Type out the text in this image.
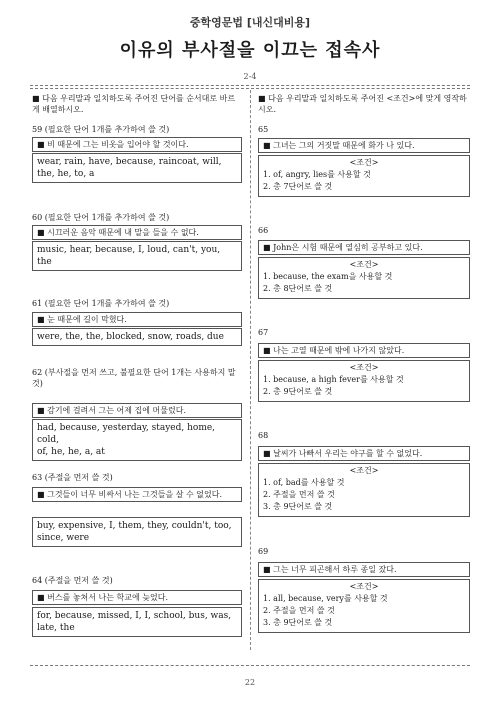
중학영문법 [내신대비용]
이유의 부사절을 이끄는 접속사
2-4
■ 다음 우리말과 일치하도록 주어진 단어를 순서대로 바르게 배열하시오.
59 (필요한 단어 1개를 추가하여 쓸 것)
■ 비 때문에 그는 비옷을 입어야 할 것이다.
wear, rain, have, because, raincoat, will,
the, he, to, a
60 (필요한 단어 1개를 추가하여 쓸 것)
■ 시끄러운 음악 때문에 내 말을 들을 수 없다.
music, hear, because, I, loud, can't, you,
the
61 (필요한 단어 1개를 추가하여 쓸 것)
■ 눈 때문에 길이 막혔다.
were, the, the, blocked, snow, roads, due
62 (부사절을 먼저 쓰고, 불필요한 단어 1개는 사용하지 말 것)
■ 감기에 걸려서 그는 어제 집에 머물렀다.
had, because, yesterday, stayed, home, cold,
of, he, he, a, at
63 (주절을 먼저 쓸 것)
■ 그것들이 너무 비싸서 나는 그것들을 살 수 없었다.
buy, expensive, I, them, they, couldn't, too,
since, were
64 (주절을 먼저 쓸 것)
■ 버스를 놓쳐서 나는 학교에 늦었다.
for, because, missed, I, I, school, bus, was,
late, the
■ 다음 우리말과 일치하도록 주어진 <조건>에 맞게 영작하시오.
65
■ 그녀는 그의 거짓말 때문에 화가 나 있다.
<조건>
1. of, angry, lies를 사용할 것
2. 총 7단어로 쓸 것
66
■ John은 시험 때문에 열심히 공부하고 있다.
<조건>
1. because, the exam을 사용할 것
2. 총 8단어로 쓸 것
67
■ 나는 고열 때문에 밖에 나가지 않았다.
<조건>
1. because, a high fever를 사용할 것
2. 총 9단어로 쓸 것
68
■ 날씨가 나빠서 우리는 야구를 할 수 없었다.
<조건>
1. of, bad를 사용할 것
2. 주절을 먼저 쓸 것
3. 총 9단어로 쓸 것
69
■ 그는 너무 피곤해서 하루 종일 잤다.
<조건>
1. all, because, very를 사용할 것
2. 주절을 먼저 쓸 것
3. 총 9단어로 쓸 것
22
